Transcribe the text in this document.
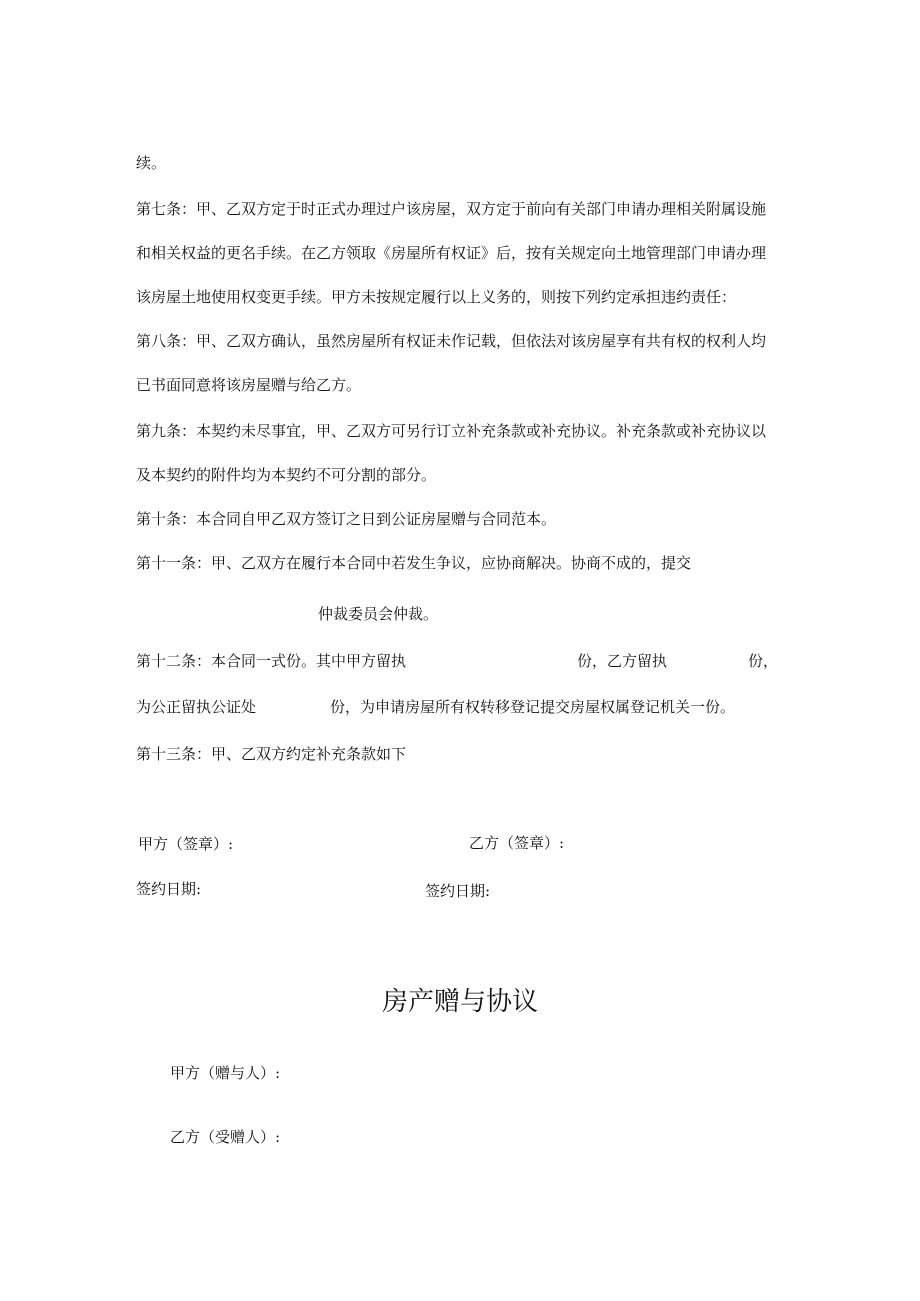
续。
第七条：甲、乙双方定于时正式办理过户该房屋，双方定于前向有关部门申请办理相关附属设施
和相关权益的更名手续。在乙方领取《房屋所有权证》后，按有关规定向土地管理部门申请办理
该房屋土地使用权变更手续。甲方未按规定履行以上义务的，则按下列约定承担违约责任：
第八条：甲、乙双方确认，虽然房屋所有权证未作记载，但依法对该房屋享有共有权的权利人均
已书面同意将该房屋赠与给乙方。
第九条：本契约未尽事宜，甲、乙双方可另行订立补充条款或补充协议。补充条款或补充协议以
及本契约的附件均为本契约不可分割的部分。
第十条：本合同自甲乙双方签订之日到公证房屋赠与合同范本。
第十一条：甲、乙双方在履行本合同中若发生争议，应协商解决。协商不成的，提交
仲裁委员会仲裁。
第十二条：本合同一式份。其中甲方留执	份，乙方留执	份，
为公正留执公证处	份，为申请房屋所有权转移登记提交房屋权属登记机关一份。
第十三条：甲、乙双方约定补充条款如下
甲方（签章）:	乙方（签章）:
签约日期:	签约日期:
房产赠与协议
甲方（赠与人）:
乙方（受赠人）:
